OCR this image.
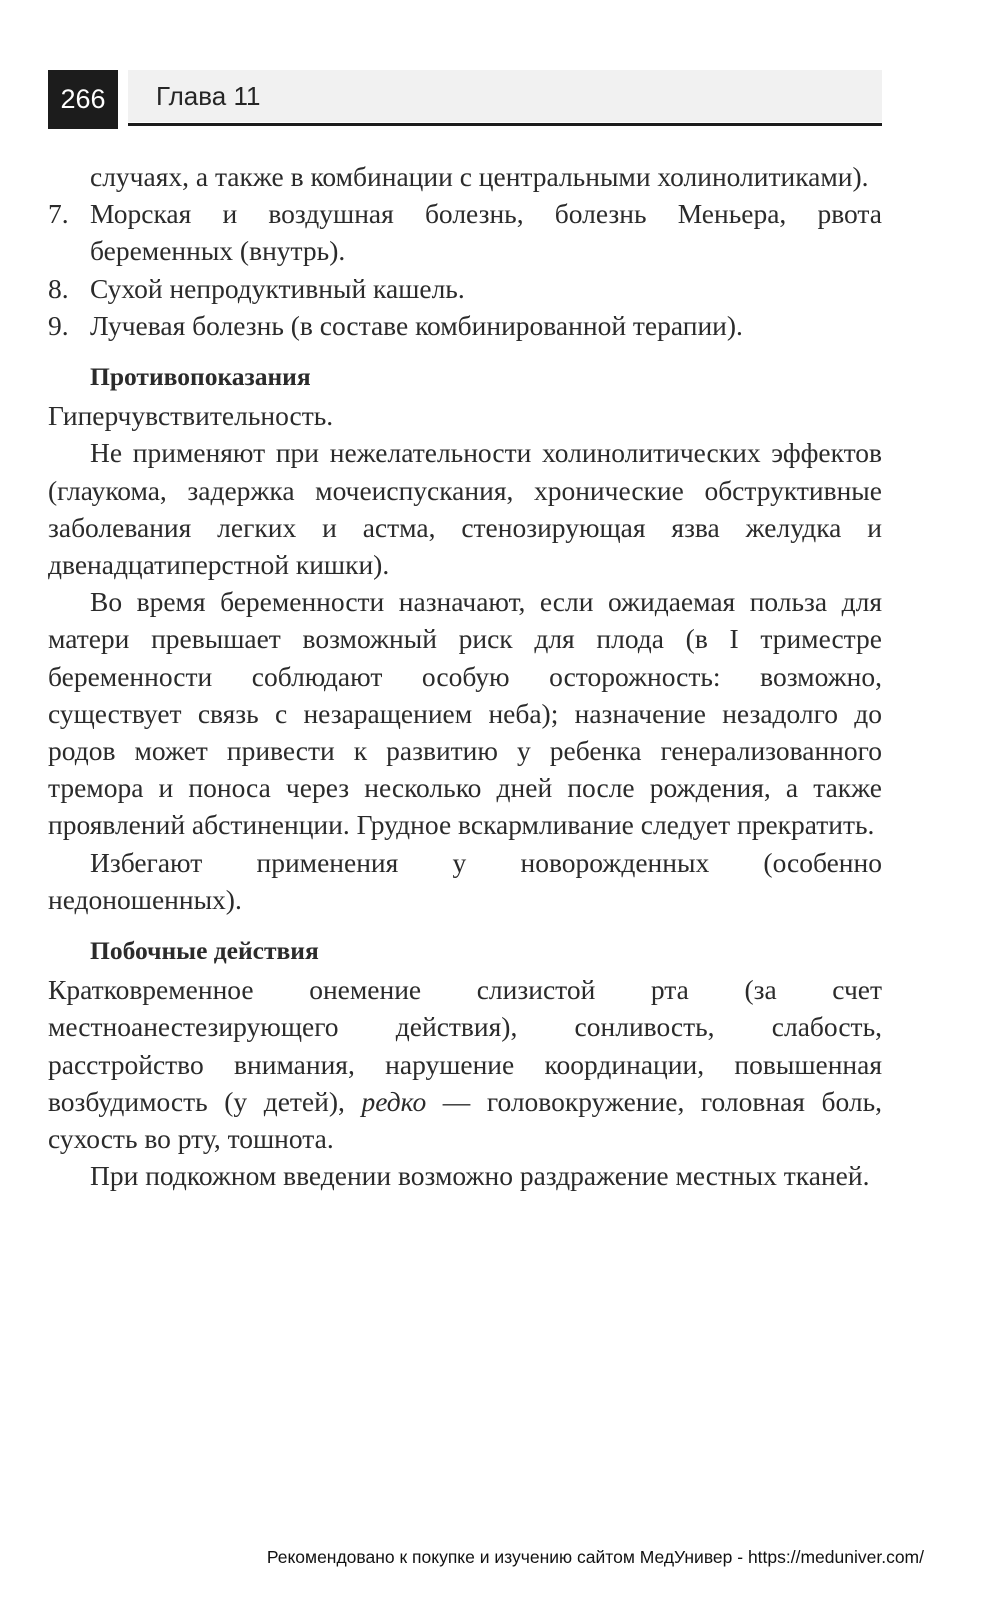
266	Глава 11

случаях, а также в комбинации с центральными холинолитиками).

7. Морская и воздушная болезнь, болезнь Меньера, рвота беременных (внутрь).
8. Сухой непродуктивный кашель.
9. Лучевая болезнь (в составе комбинированной терапии).

Противопоказания

Гиперчувствительность.

Не применяют при нежелательности холинолитических эффектов (глаукома, задержка мочеиспускания, хронические обструктивные заболевания легких и астма, стенозирующая язва желудка и двенадцатиперстной кишки).

Во время беременности назначают, если ожидаемая польза для матери превышает возможный риск для плода (в I триместре беременности соблюдают особую осторожность: возможно, существует связь с незаращением неба); назначение незадолго до родов может привести к развитию у ребенка генерализованного тремора и поноса через несколько дней после рождения, а также проявлений абстиненции. Грудное вскармливание следует прекратить.

Избегают применения у новорожденных (особенно недоношенных).

Побочные действия

Кратковременное онемение слизистой рта (за счет местноанестезирующего действия), сонливость, слабость, расстройство внимания, нарушение координации, повышенная возбудимость (у детей), редко — головокружение, головная боль, сухость во рту, тошнота.

При подкожном введении возможно раздражение местных тканей.

Рекомендовано к покупке и изучению сайтом МедУнивер - https://meduniver.com/
